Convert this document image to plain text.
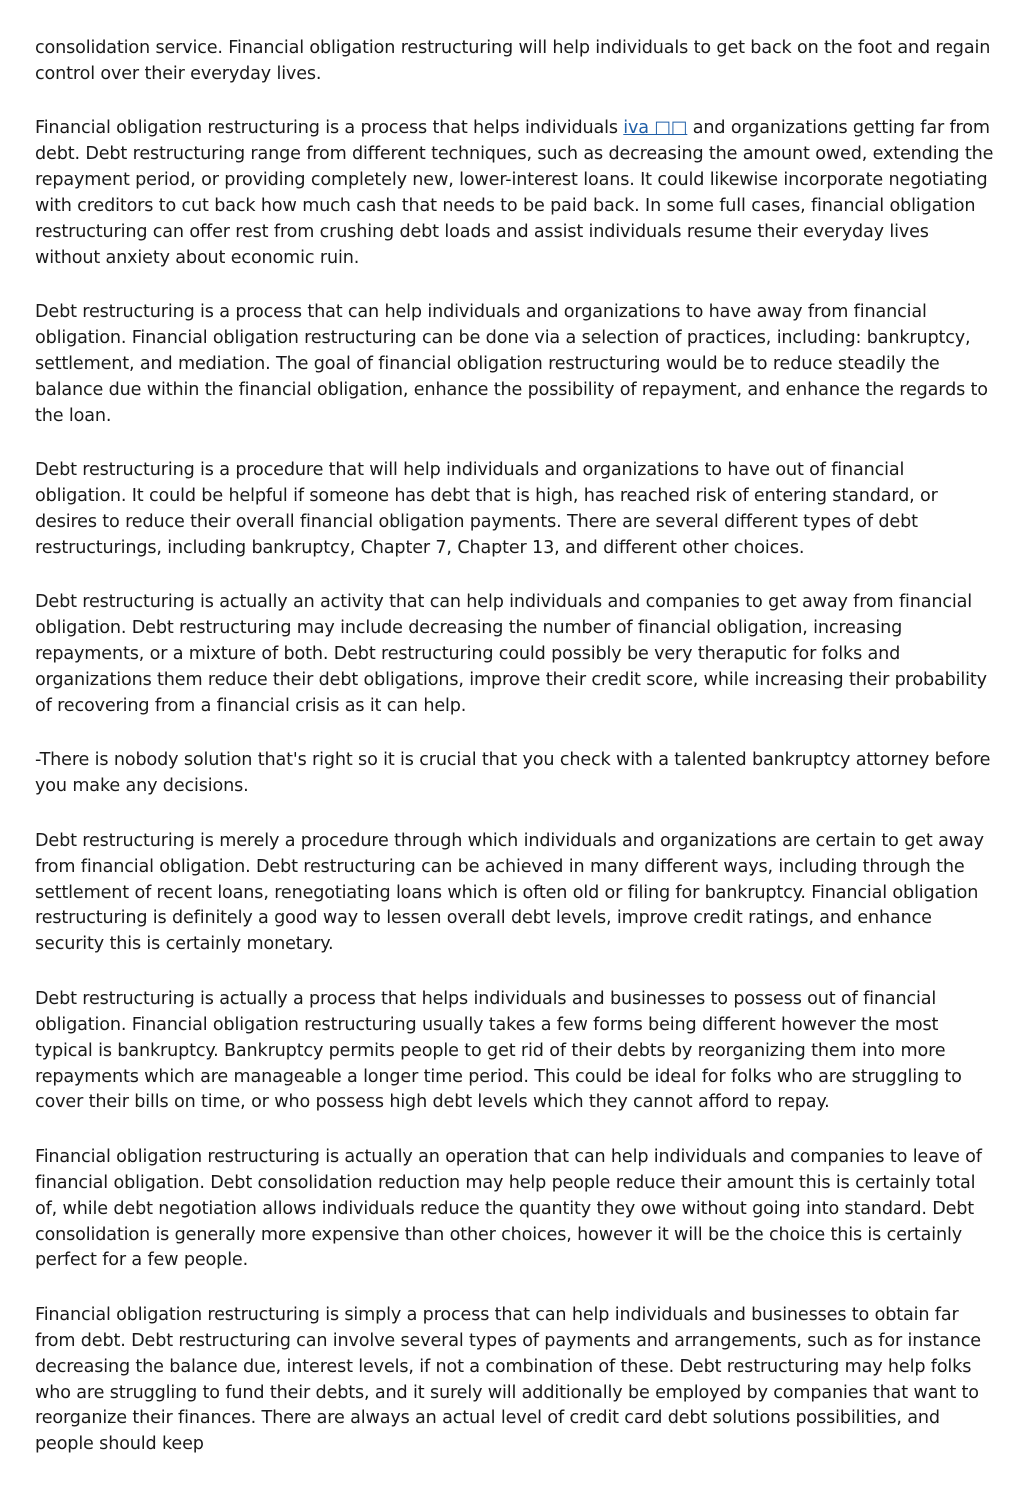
consolidation service. Financial obligation restructuring will help individuals to get back on the foot and regain control over their everyday lives.

Financial obligation restructuring is a process that helps individuals iva □□ and organizations getting far from debt. Debt restructuring range from different techniques, such as decreasing the amount owed, extending the repayment period, or providing completely new, lower-interest loans. It could likewise incorporate negotiating with creditors to cut back how much cash that needs to be paid back. In some full cases, financial obligation restructuring can offer rest from crushing debt loads and assist individuals resume their everyday lives without anxiety about economic ruin.

Debt restructuring is a process that can help individuals and organizations to have away from financial obligation. Financial obligation restructuring can be done via a selection of practices, including: bankruptcy, settlement, and mediation. The goal of financial obligation restructuring would be to reduce steadily the balance due within the financial obligation, enhance the possibility of repayment, and enhance the regards to the loan.

Debt restructuring is a procedure that will help individuals and organizations to have out of financial obligation. It could be helpful if someone has debt that is high, has reached risk of entering standard, or desires to reduce their overall financial obligation payments. There are several different types of debt restructurings, including bankruptcy, Chapter 7, Chapter 13, and different other choices.

Debt restructuring is actually an activity that can help individuals and companies to get away from financial obligation. Debt restructuring may include decreasing the number of financial obligation, increasing repayments, or a mixture of both. Debt restructuring could possibly be very theraputic for folks and organizations them reduce their debt obligations, improve their credit score, while increasing their probability of recovering from a financial crisis as it can help.

-There is nobody solution that's right so it is crucial that you check with a talented bankruptcy attorney before you make any decisions.

Debt restructuring is merely a procedure through which individuals and organizations are certain to get away from financial obligation. Debt restructuring can be achieved in many different ways, including through the settlement of recent loans, renegotiating loans which is often old or filing for bankruptcy. Financial obligation restructuring is definitely a good way to lessen overall debt levels, improve credit ratings, and enhance security this is certainly monetary.

Debt restructuring is actually a process that helps individuals and businesses to possess out of financial obligation. Financial obligation restructuring usually takes a few forms being different however the most typical is bankruptcy. Bankruptcy permits people to get rid of their debts by reorganizing them into more repayments which are manageable a longer time period. This could be ideal for folks who are struggling to cover their bills on time, or who possess high debt levels which they cannot afford to repay.

Financial obligation restructuring is actually an operation that can help individuals and companies to leave of financial obligation. Debt consolidation reduction may help people reduce their amount this is certainly total of, while debt negotiation allows individuals reduce the quantity they owe without going into standard. Debt consolidation is generally more expensive than other choices, however it will be the choice this is certainly perfect for a few people.

Financial obligation restructuring is simply a process that can help individuals and businesses to obtain far from debt. Debt restructuring can involve several types of payments and arrangements, such as for instance decreasing the balance due, interest levels, if not a combination of these. Debt restructuring may help folks who are struggling to fund their debts, and it surely will additionally be employed by companies that want to reorganize their finances. There are always an actual level of credit card debt solutions possibilities, and people should keep
